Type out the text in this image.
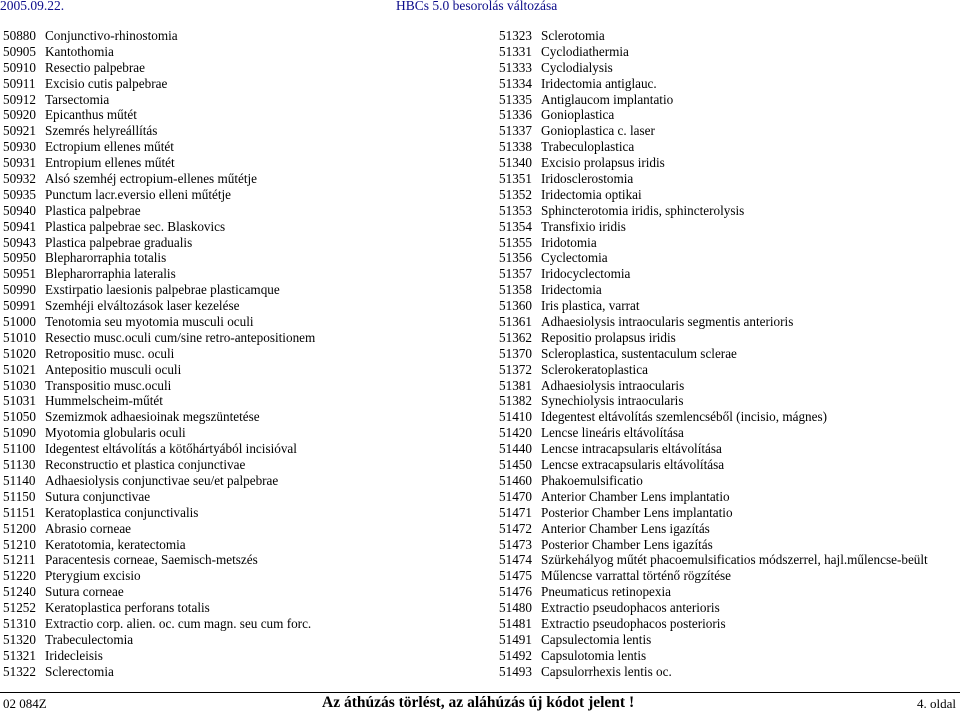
2005.09.22.	HBCs 5.0 besorolás változása
50880 Conjunctivo-rhinostomia
50905 Kantothomia
50910 Resectio palpebrae
50911 Excisio cutis palpebrae
50912 Tarsectomia
50920 Epicanthus műtét
50921 Szemrés helyreállítás
50930 Ectropium ellenes műtét
50931 Entropium ellenes műtét
50932 Alsó szemhéj ectropium-ellenes műtétje
50935 Punctum lacr.eversio elleni műtétje
50940 Plastica palpebrae
50941 Plastica palpebrae sec. Blaskovics
50943 Plastica palpebrae gradualis
50950 Blepharorraphia totalis
50951 Blepharorraphia lateralis
50990 Exstirpatio laesionis palpebrae plasticamque
50991 Szemhéji elváltozások laser kezelése
51000 Tenotomia seu myotomia musculi oculi
51010 Resectio musc.oculi cum/sine retro-antepositionem
51020 Retropositio musc. oculi
51021 Antepositio musculi oculi
51030 Transpositio musc.oculi
51031 Hummelscheim-műtét
51050 Szemizmok adhaesioinak megszüntetése
51090 Myotomia globularis oculi
51100 Idegentest eltávolítás a kötőhártyából incisióval
51130 Reconstructio et plastica conjunctivae
51140 Adhaesiolysis conjunctivae seu/et palpebrae
51150 Sutura conjunctivae
51151 Keratoplastica conjunctivalis
51200 Abrasio corneae
51210 Keratotomia, keratectomia
51211 Paracentesis corneae, Saemisch-metszés
51220 Pterygium excisio
51240 Sutura corneae
51252 Keratoplastica perforans totalis
51310 Extractio corp. alien. oc. cum magn. seu cum forc.
51320 Trabeculectomia
51321 Iridecleisis
51322 Sclerectomia
51323 Sclerotomia
51331 Cyclodiathermia
51333 Cyclodialysis
51334 Iridectomia antiglauc.
51335 Antiglaucom implantatio
51336 Gonioplastica
51337 Gonioplastica c. laser
51338 Trabeculoplastica
51340 Excisio prolapsus iridis
51351 Iridosclerostomia
51352 Iridectomia optikai
51353 Sphincterotomia iridis, sphincterolysis
51354 Transfixio iridis
51355 Iridotomia
51356 Cyclectomia
51357 Iridocyclectomia
51358 Iridectomia
51360 Iris plastica, varrat
51361 Adhaesiolysis intraocularis segmentis anterioris
51362 Repositio prolapsus iridis
51370 Scleroplastica, sustentaculum sclerae
51372 Sclerokeratoplastica
51381 Adhaesiolysis intraocularis
51382 Synechiolysis intraocularis
51410 Idegentest eltávolítás szemlencséből (incisio, mágnes)
51420 Lencse lineáris eltávolítása
51440 Lencse intracapsularis eltávolítása
51450 Lencse extracapsularis eltávolítása
51460 Phakoemulsificatio
51470 Anterior Chamber Lens implantatio
51471 Posterior Chamber Lens implantatio
51472 Anterior Chamber Lens igazítás
51473 Posterior Chamber Lens igazítás
51474 Szürkehályog műtét phacoemulsificatios módszerrel, hajl.műlencse-beült
51475 Műlencse varrattal történő rögzítése
51476 Pneumaticus retinopexia
51480 Extractio pseudophacos anterioris
51481 Extractio pseudophacos posterioris
51491 Capsulectomia lentis
51492 Capsulotomia lentis
51493 Capsulorrhexis lentis oc.
02 084Z	Az áthúzás törlést, az aláhúzás új kódot jelent !	4. oldal
